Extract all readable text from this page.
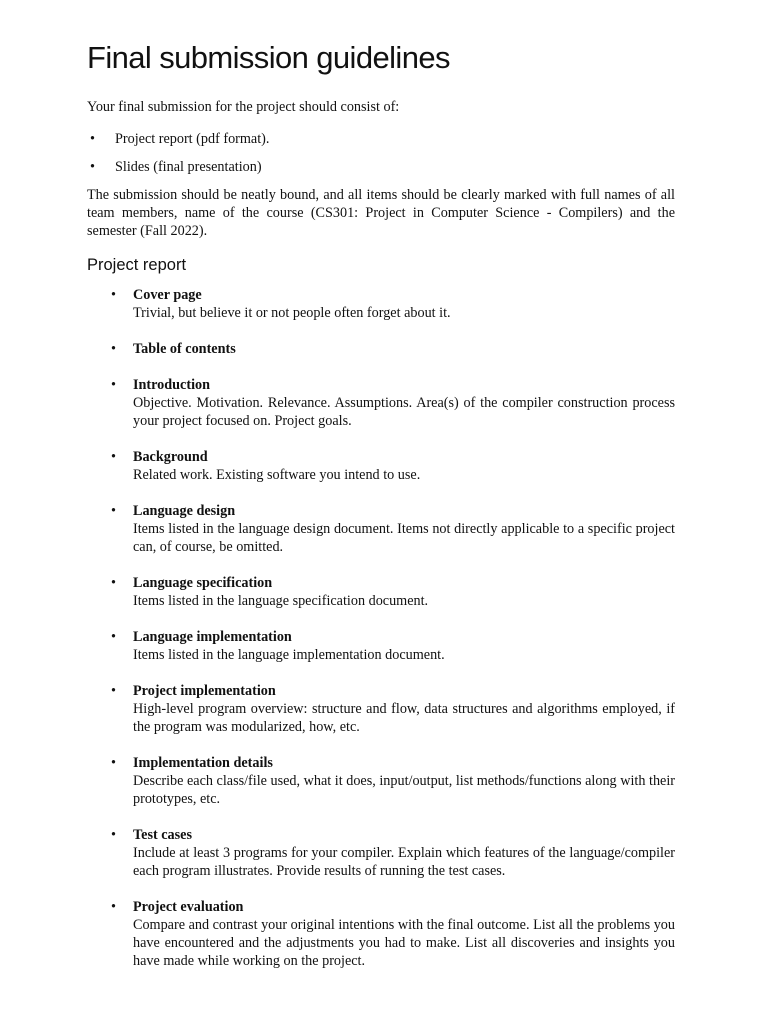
Final submission guidelines

Your final submission for the project should consist of:

• Project report (pdf format).
• Slides (final presentation)

The submission should be neatly bound, and all items should be clearly marked with full names of all team members, name of the course (CS301: Project in Computer Science - Compilers) and the semester (Fall 2022).

Project report
• Cover page
Trivial, but believe it or not people often forget about it.
• Table of contents
• Introduction
Objective. Motivation. Relevance. Assumptions. Area(s) of the compiler construction process your project focused on. Project goals.
• Background
Related work. Existing software you intend to use.
• Language design
Items listed in the language design document. Items not directly applicable to a specific project can, of course, be omitted.
• Language specification
Items listed in the language specification document.
• Language implementation
Items listed in the language implementation document.
• Project implementation
High-level program overview: structure and flow, data structures and algorithms employed, if the program was modularized, how, etc.
• Implementation details
Describe each class/file used, what it does, input/output, list methods/functions along with their prototypes, etc.
• Test cases
Include at least 3 programs for your compiler. Explain which features of the language/compiler each program illustrates. Provide results of running the test cases.
• Project evaluation
Compare and contrast your original intentions with the final outcome. List all the problems you have encountered and the adjustments you had to make. List all discoveries and insights you have made while working on the project.
